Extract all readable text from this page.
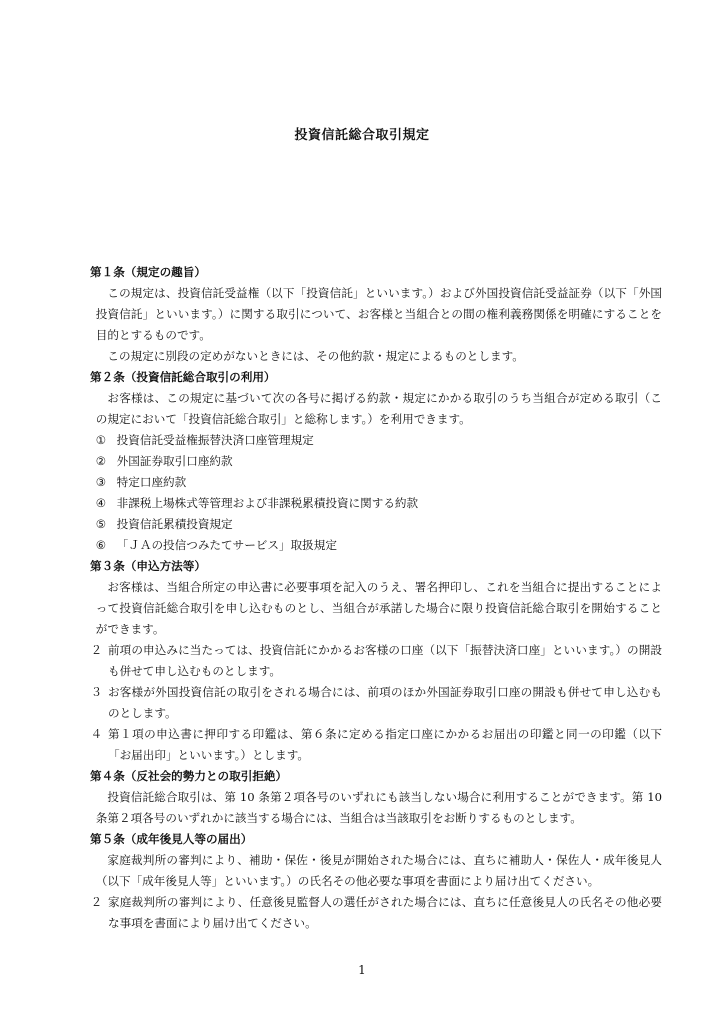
投資信託総合取引規定

第１条（規定の趣旨）

この規定は、投資信託受益権（以下「投資信託」といいます。）および外国投資信託受益証券（以下「外国投資信託」といいます。）に関する取引について、お客様と当組合との間の権利義務関係を明確にすることを目的とするものです。

この規定に別段の定めがないときには、その他約款・規定によるものとします。

第２条（投資信託総合取引の利用）

お客様は、この規定に基づいて次の各号に掲げる約款・規定にかかる取引のうち当組合が定める取引（この規定において「投資信託総合取引」と総称します。）を利用できます。

① 投資信託受益権振替決済口座管理規定
② 外国証券取引口座約款
③ 特定口座約款
④ 非課税上場株式等管理および非課税累積投資に関する約款
⑤ 投資信託累積投資規定
⑥ 「ＪＡの投信つみたてサービス」取扱規定

第３条（申込方法等）

お客様は、当組合所定の申込書に必要事項を記入のうえ、署名押印し、これを当組合に提出することによって投資信託総合取引を申し込むものとし、当組合が承諾した場合に限り投資信託総合取引を開始することができます。

２ 前項の申込みに当たっては、投資信託にかかるお客様の口座（以下「振替決済口座」といいます。）の開設も併せて申し込むものとします。
３ お客様が外国投資信託の取引をされる場合には、前項のほか外国証券取引口座の開設も併せて申し込むものとします。
４ 第１項の申込書に押印する印鑑は、第６条に定める指定口座にかかるお届出の印鑑と同一の印鑑（以下「お届出印」といいます。）とします。

第４条（反社会的勢力との取引拒絶）

投資信託総合取引は、第 10 条第２項各号のいずれにも該当しない場合に利用することができます。第 10 条第２項各号のいずれかに該当する場合には、当組合は当該取引をお断りするものとします。

第５条（成年後見人等の届出）

家庭裁判所の審判により、補助・保佐・後見が開始された場合には、直ちに補助人・保佐人・成年後見人（以下「成年後見人等」といいます。）の氏名その他必要な事項を書面により届け出てください。

２ 家庭裁判所の審判により、任意後見監督人の選任がされた場合には、直ちに任意後見人の氏名その他必要な事項を書面により届け出てください。
1
